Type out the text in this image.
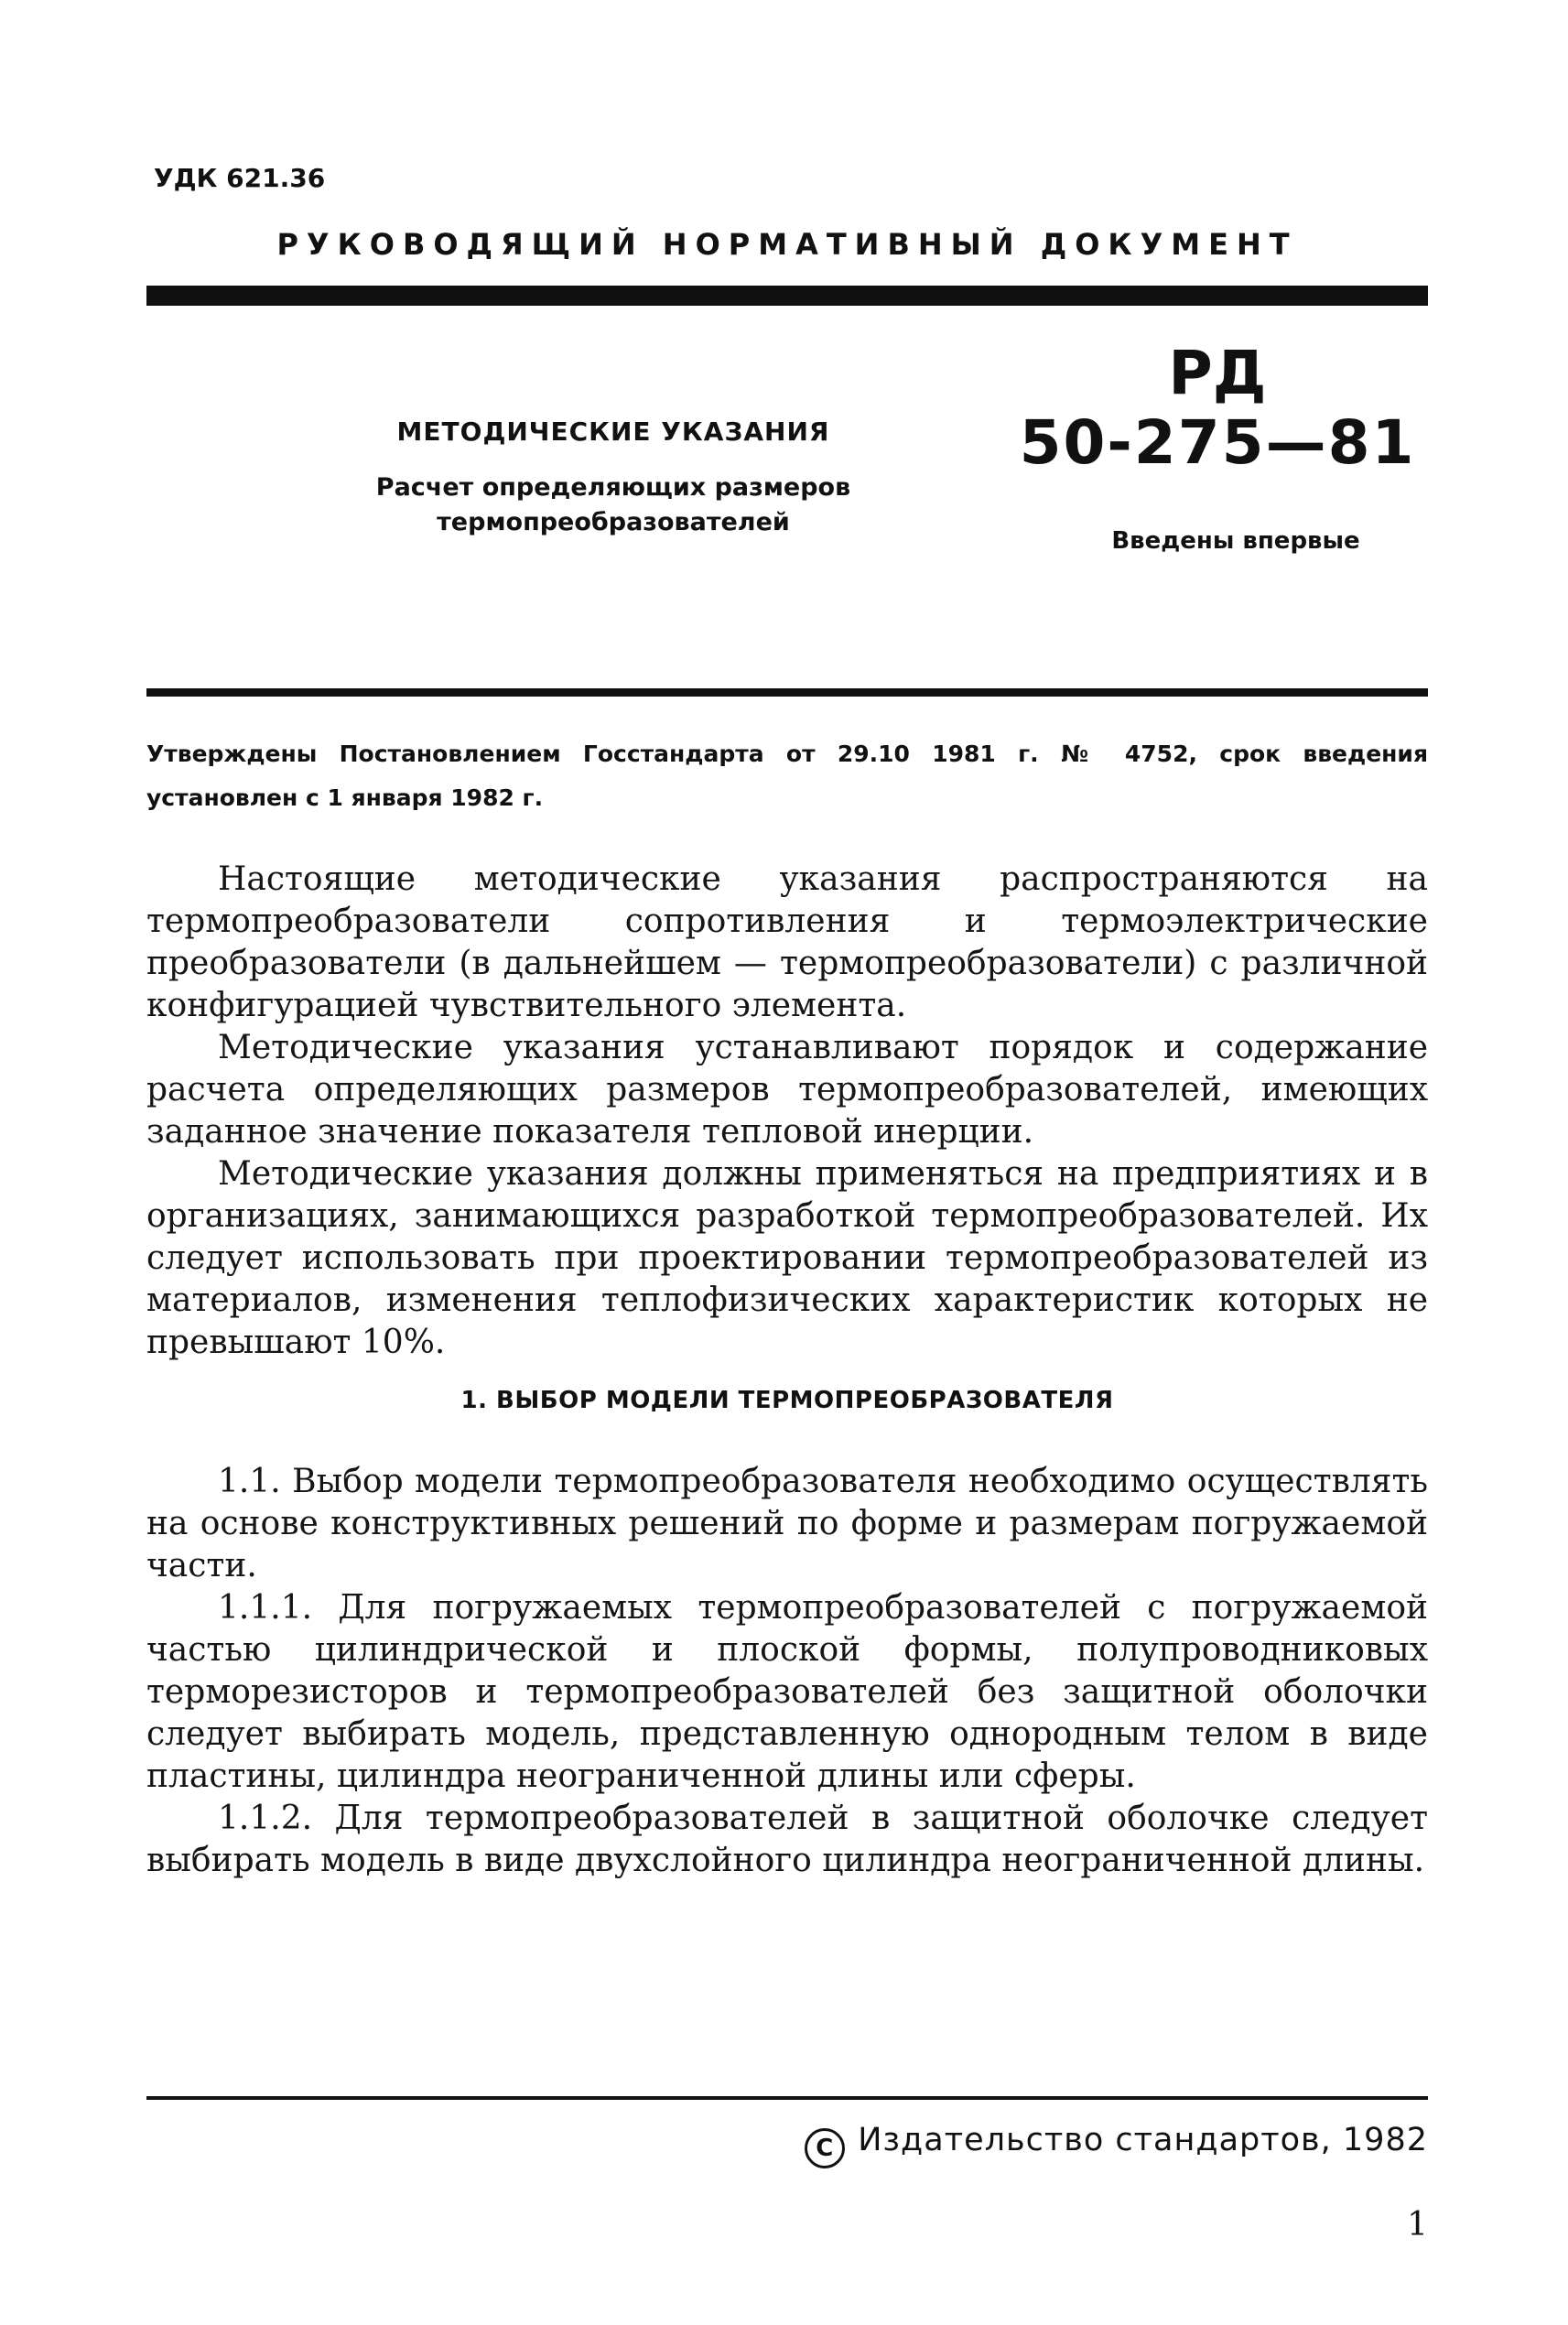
УДК 621.36
РУКОВОДЯЩИЙ НОРМАТИВНЫЙ ДОКУМЕНТ
МЕТОДИЧЕСКИЕ УКАЗАНИЯ
Расчет определяющих размеров
термопреобразователей
РД
50-275—81
Введены впервые
Утверждены Постановлением Госстандарта от 29.10 1981 г. № 4752, срок введения установлен с 1 января 1982 г.

Настоящие методические указания распространяются на термопреобразователи сопротивления и термоэлектрические преобразователи (в дальнейшем — термопреобразователи) с различной конфигурацией чувствительного элемента.

Методические указания устанавливают порядок и содержание расчета определяющих размеров термопреобразователей, имеющих заданное значение показателя тепловой инерции.

Методические указания должны применяться на предприятиях и в организациях, занимающихся разработкой термопреобразователей. Их следует использовать при проектировании термопреобразователей из материалов, изменения теплофизических характеристик которых не превышают 10%.

1. ВЫБОР МОДЕЛИ ТЕРМОПРЕОБРАЗОВАТЕЛЯ

1.1. Выбор модели термопреобразователя необходимо осуществлять на основе конструктивных решений по форме и размерам погружаемой части.

1.1.1. Для погружаемых термопреобразователей с погружаемой частью цилиндрической и плоской формы, полупроводниковых терморезисторов и термопреобразователей без защитной оболочки следует выбирать модель, представленную однородным телом в виде пластины, цилиндра неограниченной длины или сферы.

1.1.2. Для термопреобразователей в защитной оболочке следует выбирать модель в виде двухслойного цилиндра неограниченной длины.

C Издательство стандартов, 1982
1
